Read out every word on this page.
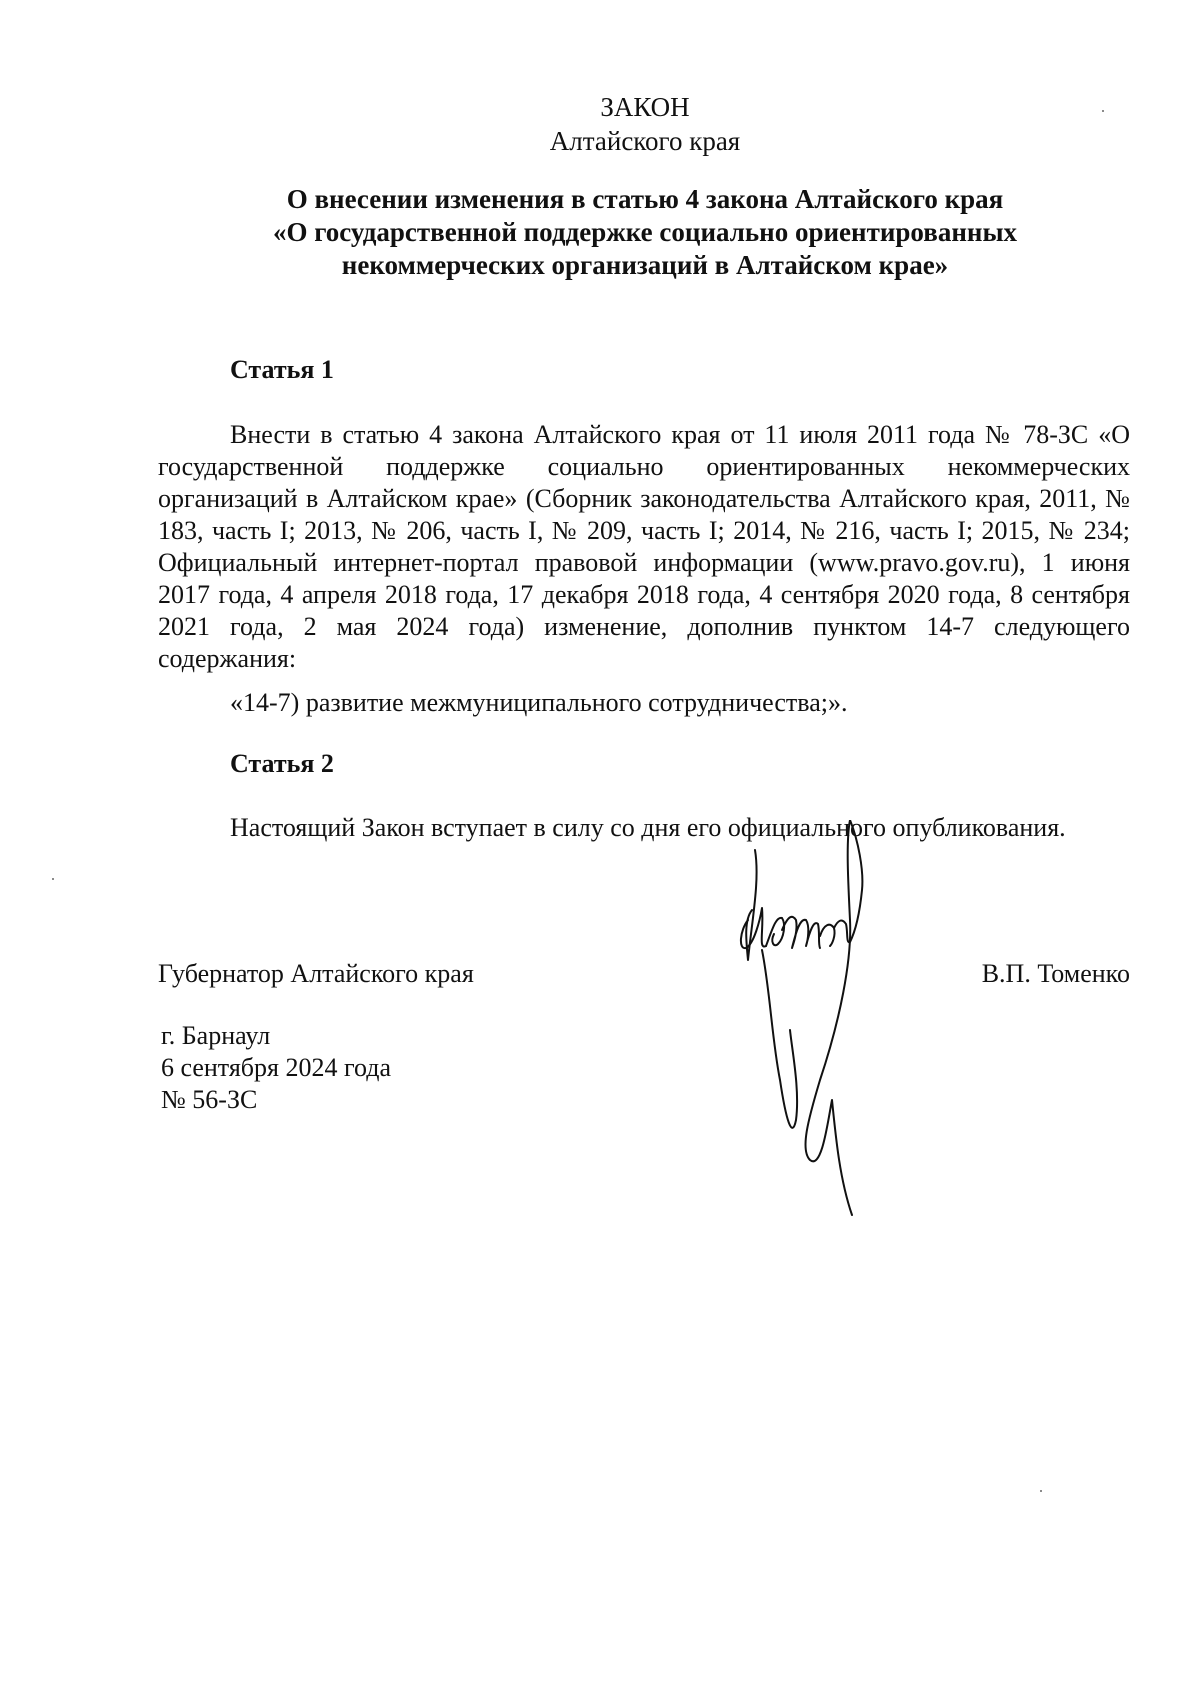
ЗАКОН
Алтайского края
О внесении изменения в статью 4 закона Алтайского края
«О государственной поддержке социально ориентированных
некоммерческих организаций в Алтайском крае»
Статья 1
Внести в статью 4 закона Алтайского края от 11 июля 2011 года № 78-ЗС «О государственной поддержке социально ориентированных некоммерческих организаций в Алтайском крае» (Сборник законодательства Алтайского края, 2011, № 183, часть I; 2013, № 206, часть I, № 209, часть I; 2014, № 216, часть I; 2015, № 234; Официальный интернет-портал правовой информации (www.pravo.gov.ru), 1 июня 2017 года, 4 апреля 2018 года, 17 декабря 2018 года, 4 сентября 2020 года, 8 сентября 2021 года, 2 мая 2024 года) изменение, дополнив пунктом 14-7 следующего содержания:
«14-7) развитие межмуниципального сотрудничества;».
Статья 2
Настоящий Закон вступает в силу со дня его официального опубликования.
Губернатор Алтайского края	В.П. Томенко
г. Барнаул
6 сентября 2024 года
№ 56-ЗС
